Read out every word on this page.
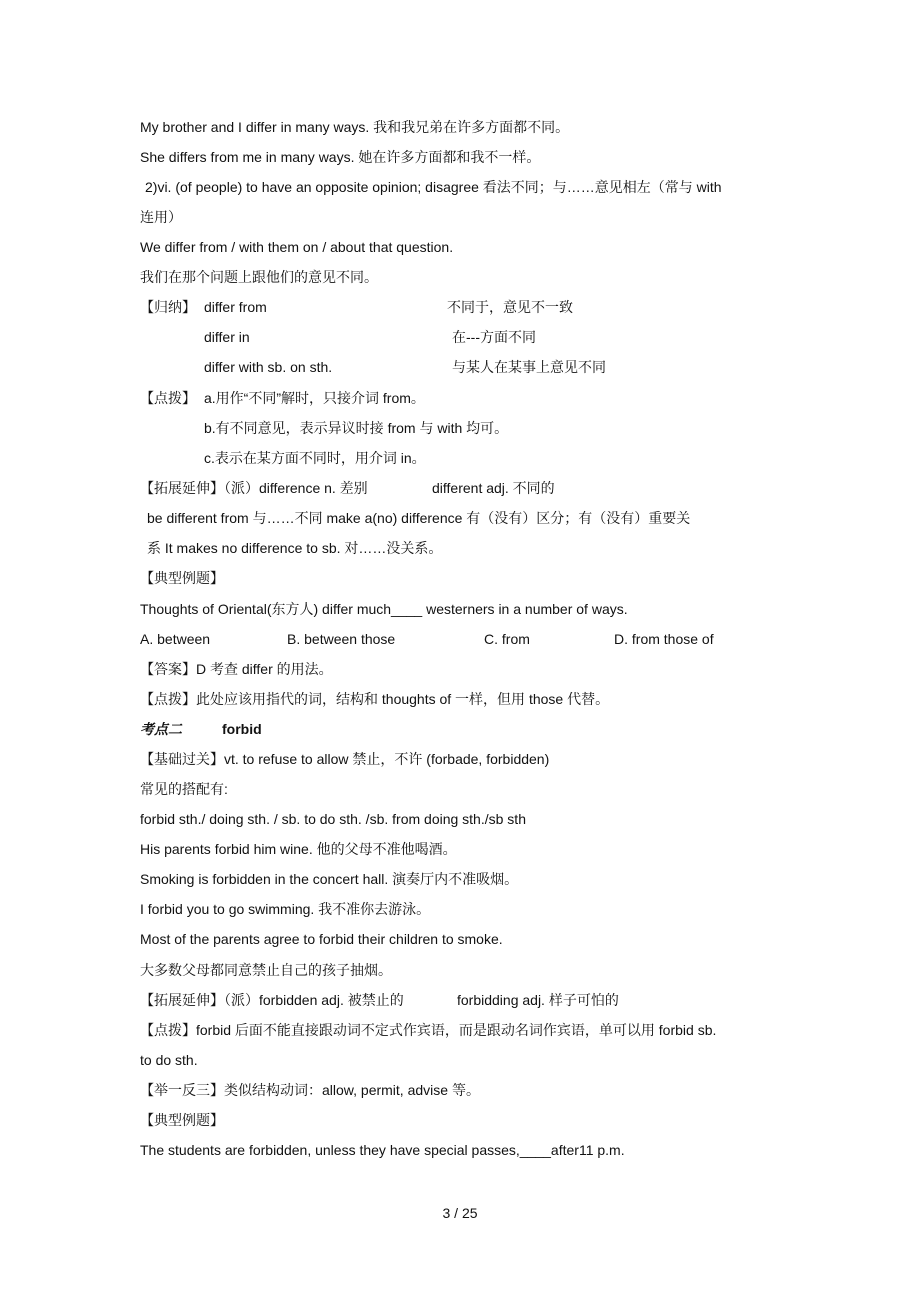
My brother and I differ in many ways. 我和我兄弟在许多方面都不同。
She differs from me in many ways. 她在许多方面都和我不一样。
2)vi. (of people) to have an opposite opinion; disagree 看法不同；与……意见相左（常与 with
连用）
We differ from / with them on / about that question.
我们在那个问题上跟他们的意见不同。
【归纳】 differ from	不同于，意见不一致
differ in	在---方面不同
differ with sb. on sth.	与某人在某事上意见不同
【点拨】 a.用作“不同”解时，只接介词 from。
b.有不同意见，表示异议时接 from 与 with 均可。
c.表示在某方面不同时，用介词 in。
【拓展延伸】（派）difference n. 差别	different adj. 不同的
be different from 与……不同 make a(no) difference 有（没有）区分；有（没有）重要关
系 It makes no difference to sb. 对……没关系。
【典型例题】
Thoughts of Oriental(东方人) differ much____ westerners in a number of ways.
A. between	B. between those	C. from	D. from those of
【答案】D 考查 differ 的用法。
【点拨】此处应该用指代的词，结构和 thoughts of 一样，但用 those 代替。
考点二	forbid
【基础过关】vt. to refuse to allow 禁止，不许 (forbade, forbidden)
常见的搭配有:
forbid sth./ doing sth. / sb. to do sth. /sb. from doing sth./sb sth
His parents forbid him wine. 他的父母不准他喝酒。
Smoking is forbidden in the concert hall. 演奏厅内不准吸烟。
I forbid you to go swimming. 我不准你去游泳。
Most of the parents agree to forbid their children to smoke.
大多数父母都同意禁止自己的孩子抽烟。
【拓展延伸】（派）forbidden adj. 被禁止的	forbidding adj. 样子可怕的
【点拨】forbid 后面不能直接跟动词不定式作宾语，而是跟动名词作宾语，单可以用 forbid sb.
to do sth.
【举一反三】类似结构动词：allow, permit, advise 等。
【典型例题】
The students are forbidden, unless they have special passes,____after11 p.m.
3 / 25
